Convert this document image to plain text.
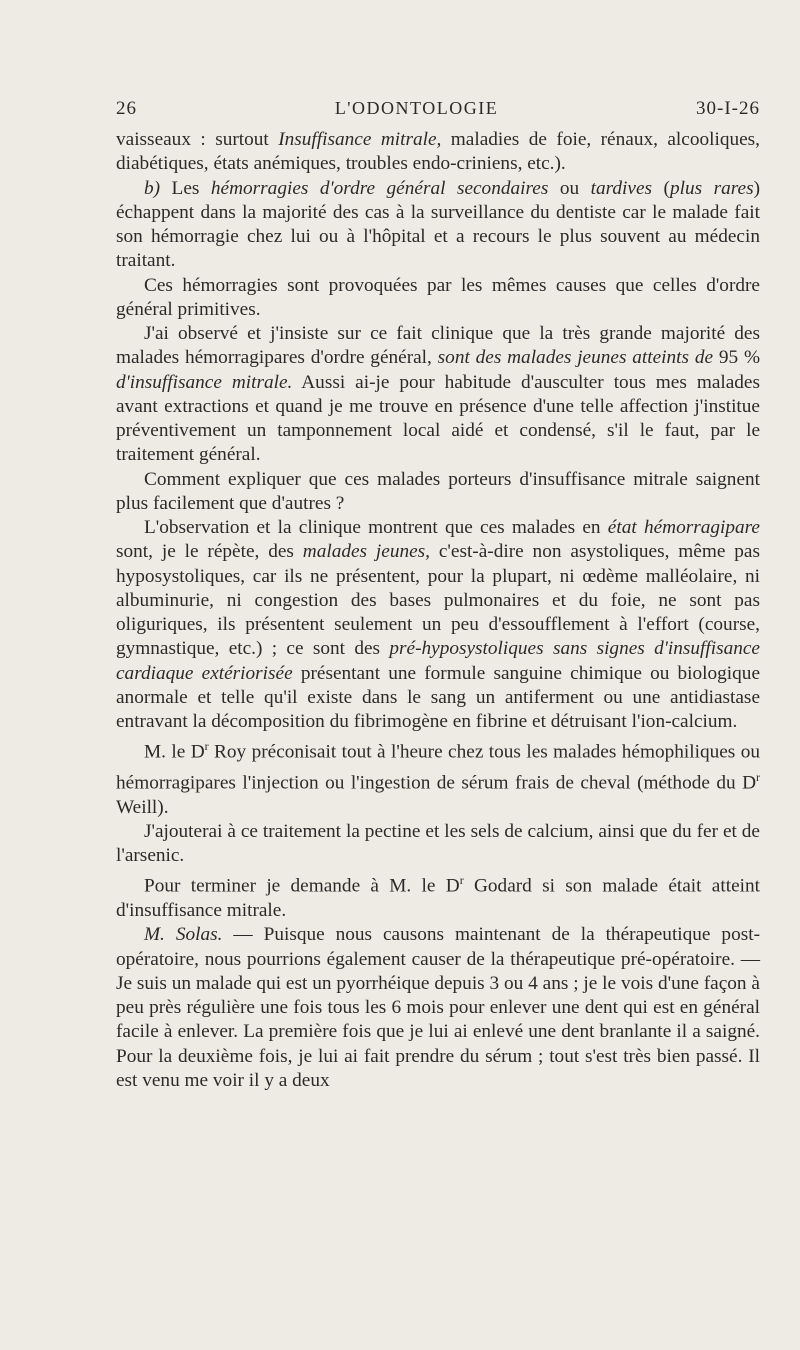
26	L'ODONTOLOGIE	30-I-26

vaisseaux : surtout Insuffisance mitrale, maladies de foie, rénaux, alcooliques, diabétiques, états anémiques, troubles endo-criniens, etc.).

b) Les hémorragies d'ordre général secondaires ou tardives (plus rares) échappent dans la majorité des cas à la surveillance du dentiste car le malade fait son hémorragie chez lui ou à l'hôpital et a recours le plus souvent au médecin traitant.

Ces hémorragies sont provoquées par les mêmes causes que celles d'ordre général primitives.

J'ai observé et j'insiste sur ce fait clinique que la très grande majorité des malades hémorragipares d'ordre général, sont des malades jeunes atteints de 95 % d'insuffisance mitrale. Aussi ai-je pour habitude d'ausculter tous mes malades avant extractions et quand je me trouve en présence d'une telle affection j'institue préventivement un tamponnement local aidé et condensé, s'il le faut, par le traitement général.

Comment expliquer que ces malades porteurs d'insuffisance mitrale saignent plus facilement que d'autres ?

L'observation et la clinique montrent que ces malades en état hémorragipare sont, je le répète, des malades jeunes, c'est-à-dire non asystoliques, même pas hyposystoliques, car ils ne présentent, pour la plupart, ni œdème malléolaire, ni albuminurie, ni congestion des bases pulmonaires et du foie, ne sont pas oliguriques, ils présentent seulement un peu d'essoufflement à l'effort (course, gymnastique, etc.) ; ce sont des pré-hyposystoliques sans signes d'insuffisance cardiaque extériorisée présentant une formule sanguine chimique ou biologique anormale et telle qu'il existe dans le sang un antiferment ou une antidiastase entravant la décomposition du fibrimogène en fibrine et détruisant l'ion-calcium.

M. le $D^r$ Roy préconisait tout à l'heure chez tous les malades hémophiliques ou hémorragipares l'injection ou l'ingestion de sérum frais de cheval (méthode du $D^r$ Weill).

J'ajouterai à ce traitement la pectine et les sels de calcium, ainsi que du fer et de l'arsenic.

Pour terminer je demande à M. le $D^r$ Godard si son malade était atteint d'insuffisance mitrale.

M. Solas. — Puisque nous causons maintenant de la thérapeutique post-opératoire, nous pourrions également causer de la thérapeutique pré-opératoire. — Je suis un malade qui est un pyorrhéique depuis 3 ou 4 ans ; je le vois d'une façon à peu près régulière une fois tous les 6 mois pour enlever une dent qui est en général facile à enlever. La première fois que je lui ai enlevé une dent branlante il a saigné. Pour la deuxième fois, je lui ai fait prendre du sérum ; tout s'est très bien passé. Il est venu me voir il y a deux
